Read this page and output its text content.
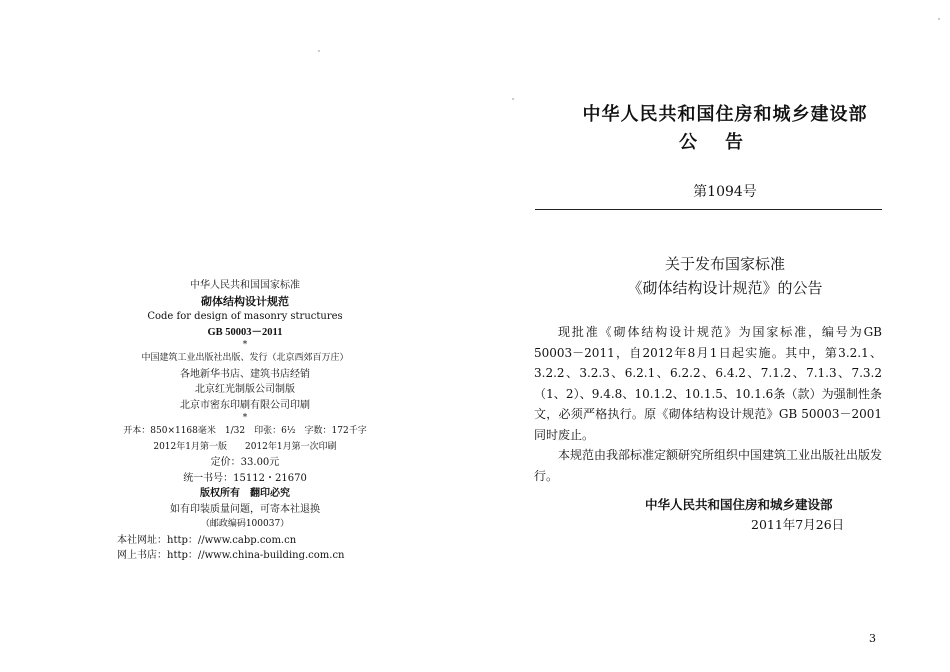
中华人民共和国国家标准
砌体结构设计规范
Code for design of masonry structures
GB 50003－2011
*
中国建筑工业出版社出版、发行（北京西郊百万庄）
各地新华书店、建筑书店经销
北京红光制版公司制版
北京市密东印刷有限公司印刷
*
开本：850×1168毫米　1/32　印张：6½　字数：172千字
2012年1月第一版　　2012年1月第一次印刷
定价：33.00元
统一书号：15112・21670
版权所有　翻印必究
如有印装质量问题，可寄本社退换
（邮政编码100037）
本社网址：http：//www.cabp.com.cn
网上书店：http：//www.china-building.com.cn
中华人民共和国住房和城乡建设部
公告
第1094号
关于发布国家标准
《砌体结构设计规范》的公告

现批准《砌体结构设计规范》为国家标准，编号为GB 50003－2011，自2012年8月1日起实施。其中，第3.2.1、3.2.2、3.2.3、6.2.1、6.2.2、6.4.2、7.1.2、7.1.3、7.3.2（1、2）、9.4.8、10.1.2、10.1.5、10.1.6条（款）为强制性条文，必须严格执行。原《砌体结构设计规范》GB 50003－2001同时废止。

本规范由我部标准定额研究所组织中国建筑工业出版社出版发行。

中华人民共和国住房和城乡建设部
2011年7月26日
3
